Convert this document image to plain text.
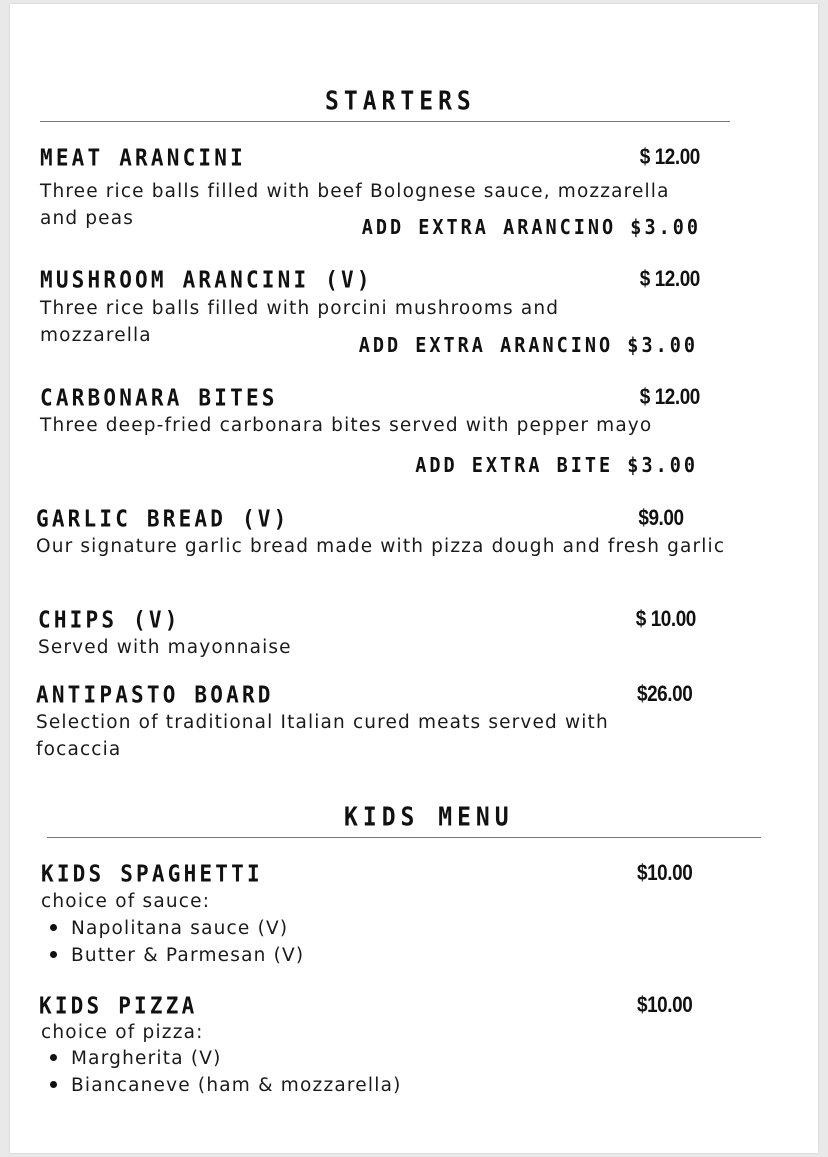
STARTERS
MEAT ARANCINI	$ 12.00
Three rice balls filled with beef Bolognese sauce, mozzarella and peas	ADD EXTRA ARANCINO $3.00
MUSHROOM ARANCINI (V)	$ 12.00
Three rice balls filled with porcini mushrooms and mozzarella	ADD EXTRA ARANCINO $3.00
CARBONARA BITES	$ 12.00
Three deep-fried carbonara bites served with pepper mayo
ADD EXTRA BITE $3.00
GARLIC BREAD (V)	$9.00
Our signature garlic bread made with pizza dough and fresh garlic
CHIPS (V)	$ 10.00
Served with mayonnaise
ANTIPASTO BOARD	$26.00
Selection of traditional Italian cured meats served with focaccia
KIDS MENU
KIDS SPAGHETTI	$10.00
choice of sauce:
Napolitana sauce (V)
Butter & Parmesan (V)
KIDS PIZZA	$10.00
choice of pizza:
Margherita (V)
Biancaneve (ham & mozzarella)
